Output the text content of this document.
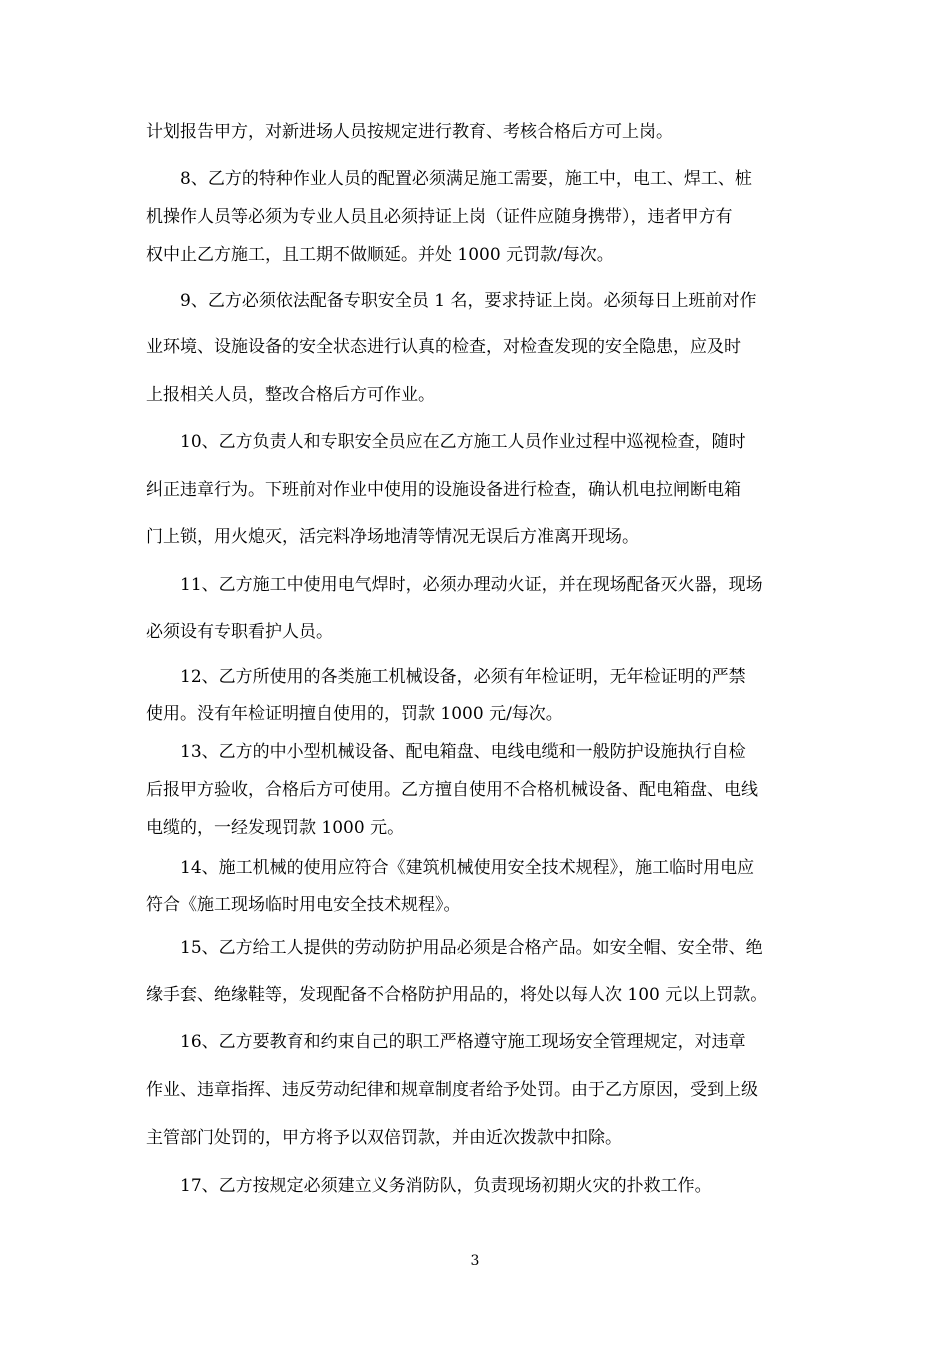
计划报告甲方，对新进场人员按规定进行教育、考核合格后方可上岗。
8、乙方的特种作业人员的配置必须满足施工需要，施工中，电工、焊工、桩
机操作人员等必须为专业人员且必须持证上岗（证件应随身携带），违者甲方有
权中止乙方施工，且工期不做顺延。并处 1000 元罚款/每次。
9、乙方必须依法配备专职安全员 1 名，要求持证上岗。必须每日上班前对作
业环境、设施设备的安全状态进行认真的检查，对检查发现的安全隐患，应及时
上报相关人员，整改合格后方可作业。
10、乙方负责人和专职安全员应在乙方施工人员作业过程中巡视检查，随时
纠正违章行为。下班前对作业中使用的设施设备进行检查，确认机电拉闸断电箱
门上锁，用火熄灭，活完料净场地清等情况无误后方准离开现场。
11、乙方施工中使用电气焊时，必须办理动火证，并在现场配备灭火器，现场
必须设有专职看护人员。
12、乙方所使用的各类施工机械设备，必须有年检证明，无年检证明的严禁
使用。没有年检证明擅自使用的，罚款 1000 元/每次。
13、乙方的中小型机械设备、配电箱盘、电线电缆和一般防护设施执行自检
后报甲方验收，合格后方可使用。乙方擅自使用不合格机械设备、配电箱盘、电线
电缆的，一经发现罚款 1000 元。
14、施工机械的使用应符合《建筑机械使用安全技术规程》，施工临时用电应
符合《施工现场临时用电安全技术规程》。
15、乙方给工人提供的劳动防护用品必须是合格产品。如安全帽、安全带、绝
缘手套、绝缘鞋等，发现配备不合格防护用品的，将处以每人次 100 元以上罚款。
16、乙方要教育和约束自己的职工严格遵守施工现场安全管理规定，对违章
作业、违章指挥、违反劳动纪律和规章制度者给予处罚。由于乙方原因，受到上级
主管部门处罚的，甲方将予以双倍罚款，并由近次拨款中扣除。
17、乙方按规定必须建立义务消防队，负责现场初期火灾的扑救工作。
3
